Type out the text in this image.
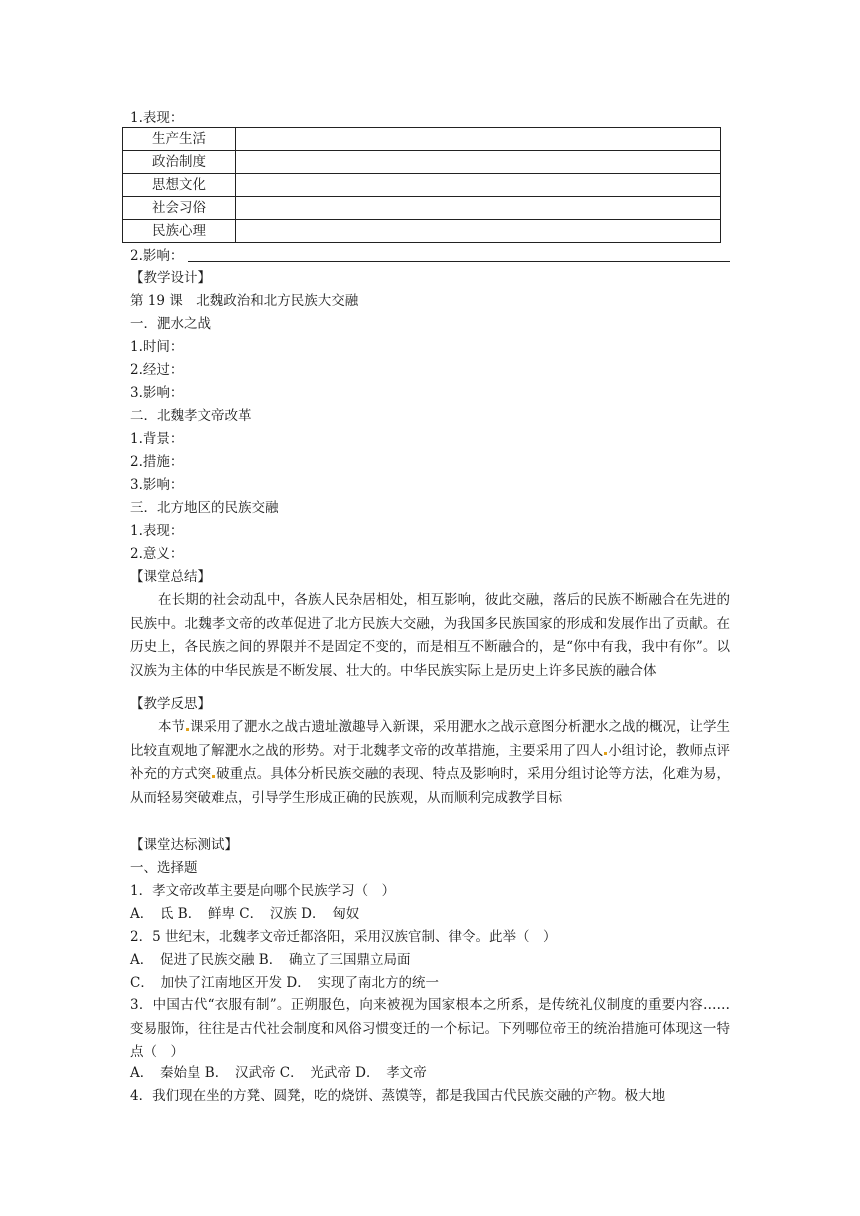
1.表现：
生产生活	
政治制度	
思想文化	
社会习俗	
民族心理	
2.影响：
【教学设计】
第 19 课　北魏政治和北方民族大交融
一．淝水之战
1.时间：
2.经过：
3.影响：
二．北魏孝文帝改革
1.背景：
2.措施：
3.影响：
三．北方地区的民族交融
1.表现：
2.意义：
【课堂总结】
在长期的社会动乱中，各族人民杂居相处，相互影响，彼此交融，落后的民族不断融合在先进的民族中。北魏孝文帝的改革促进了北方民族大交融，为我国多民族国家的形成和发展作出了贡献。在历史上，各民族之间的界限并不是固定不变的，而是相互不断融合的，是“你中有我，我中有你”。以汉族为主体的中华民族是不断发展、壮大的。中华民族实际上是历史上许多民族的融合体
【教学反思】
本节 课采用了淝水之战古遗址激趣导入新课，采用淝水之战示意图分析淝水之战的概况，让学生比较直观地了解淝水之战的形势。对于北魏孝文帝的改革措施，主要采用了四人 小组讨论，教师点评补充的方式突 破重点。具体分析民族交融的表现、特点及影响时，采用分组讨论等方法，化难为易，从而轻易突破难点，引导学生形成正确的民族观，从而顺利完成教学目标
【课堂达标测试】
一、选择题
1．孝文帝改革主要是向哪个民族学习（　）
A．　氐 B．　鲜卑 C．　汉族 D．　匈奴
2．5 世纪末，北魏孝文帝迁都洛阳，采用汉族官制、律令。此举（　）
A．　促进了民族交融 B．　确立了三国鼎立局面
C．　加快了江南地区开发 D．　实现了南北方的统一
3．中国古代“衣服有制”。正朔服色，向来被视为国家根本之所系，是传统礼仪制度的重要内容……变易服饰，往往是古代社会制度和风俗习惯变迁的一个标记。下列哪位帝王的统治措施可体现这一特点（　）
A．　秦始皇 B．　汉武帝 C．　光武帝 D．　孝文帝
4．我们现在坐的方凳、圆凳，吃的烧饼、蒸馍等，都是我国古代民族交融的产物。极大地
